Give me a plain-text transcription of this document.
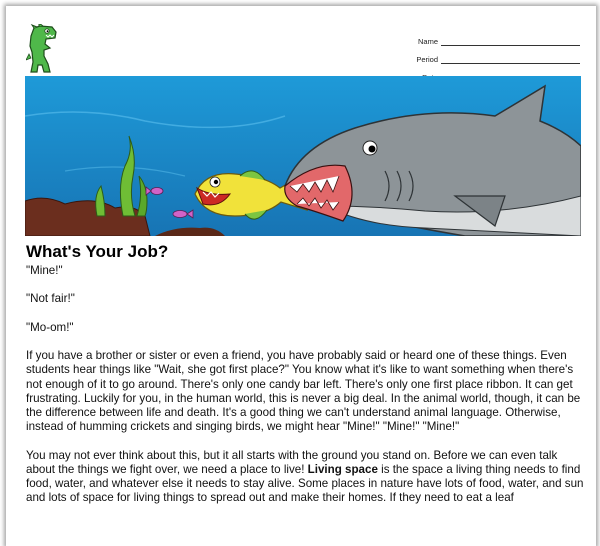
Name
Period
What's Your Job?

"Mine!"

"Not fair!"

"Mo-om!"

If you have a brother or sister or even a friend, you have probably said or heard one of these things. Even students hear things like "Wait, she got first place?" You know what it's like to want something when there's not enough of it to go around. There's only one candy bar left. There's only one first place ribbon. It can get frustrating. Luckily for you, in the human world, this is never a big deal. In the animal world, though, it can be the difference between life and death. It's a good thing we can't understand animal language. Otherwise, instead of humming crickets and singing birds, we might hear "Mine!" "Mine!" "Mine!"

You may not ever think about this, but it all starts with the ground you stand on. Before we can even talk about the things we fight over, we need a place to live! Living space is the space a living thing needs to find food, water, and whatever else it needs to stay alive. Some places in nature have lots of food, water, and sun and lots of space for living things to spread out and make their homes. If they need to eat a leaf
